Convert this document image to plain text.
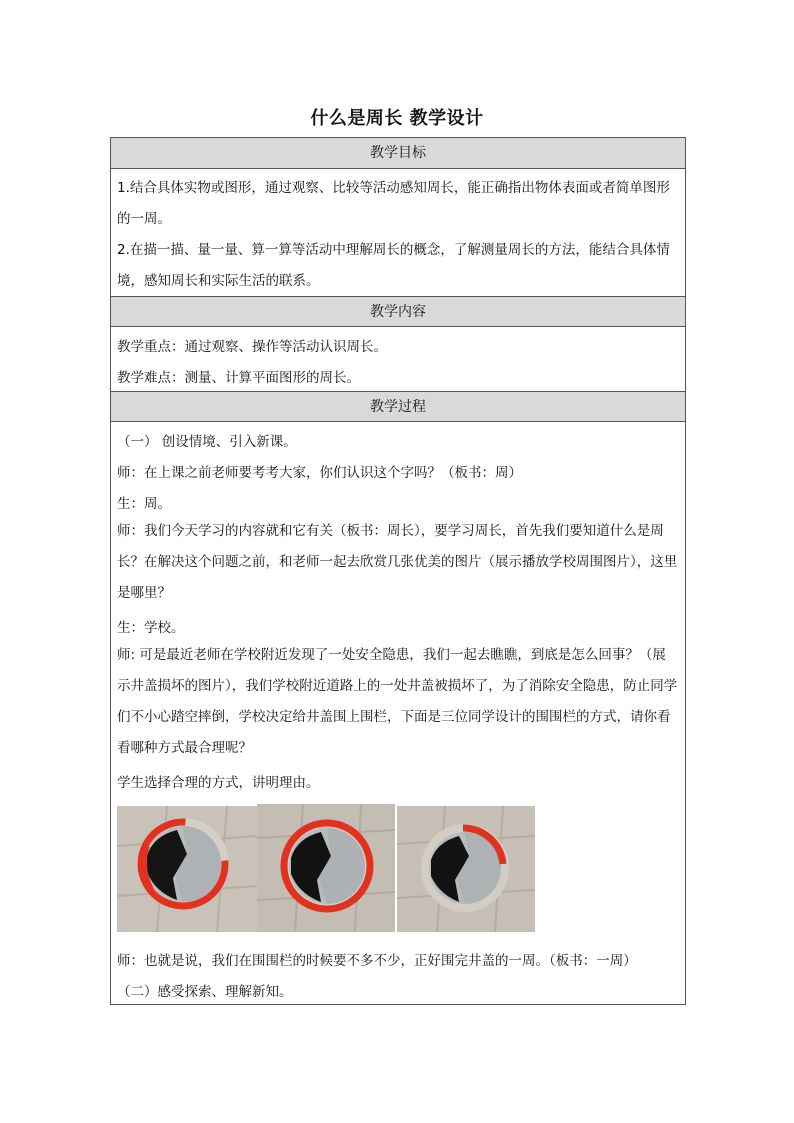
什么是周长 教学设计
教学目标
1.结合具体实物或图形，通过观察、比较等活动感知周长，能正确指出物体表面或者简单图形的一周。
2.在描一描、量一量、算一算等活动中理解周长的概念，了解测量周长的方法，能结合具体情境，感知周长和实际生活的联系。
教学内容
教学重点：通过观察、操作等活动认识周长。
教学难点：测量、计算平面图形的周长。
教学过程
（一） 创设情境、引入新课。
师：在上课之前老师要考考大家，你们认识这个字吗？（板书：周）
生：周。
师：我们今天学习的内容就和它有关（板书：周长），要学习周长，首先我们要知道什么是周长？在解决这个问题之前，和老师一起去欣赏几张优美的图片（展示播放学校周围图片），这里是哪里？
生：学校。
师: 可是最近老师在学校附近发现了一处安全隐患，我们一起去瞧瞧，到底是怎么回事？（展示井盖损坏的图片），我们学校附近道路上的一处井盖被损坏了，为了消除安全隐患，防止同学们不小心踏空摔倒，学校决定给井盖围上围栏，下面是三位同学设计的围围栏的方式，请你看看哪种方式最合理呢？
学生选择合理的方式，讲明理由。
师：也就是说，我们在围围栏的时候要不多不少，正好围完井盖的一周。（板书：一周）
（二）感受探索、理解新知。
